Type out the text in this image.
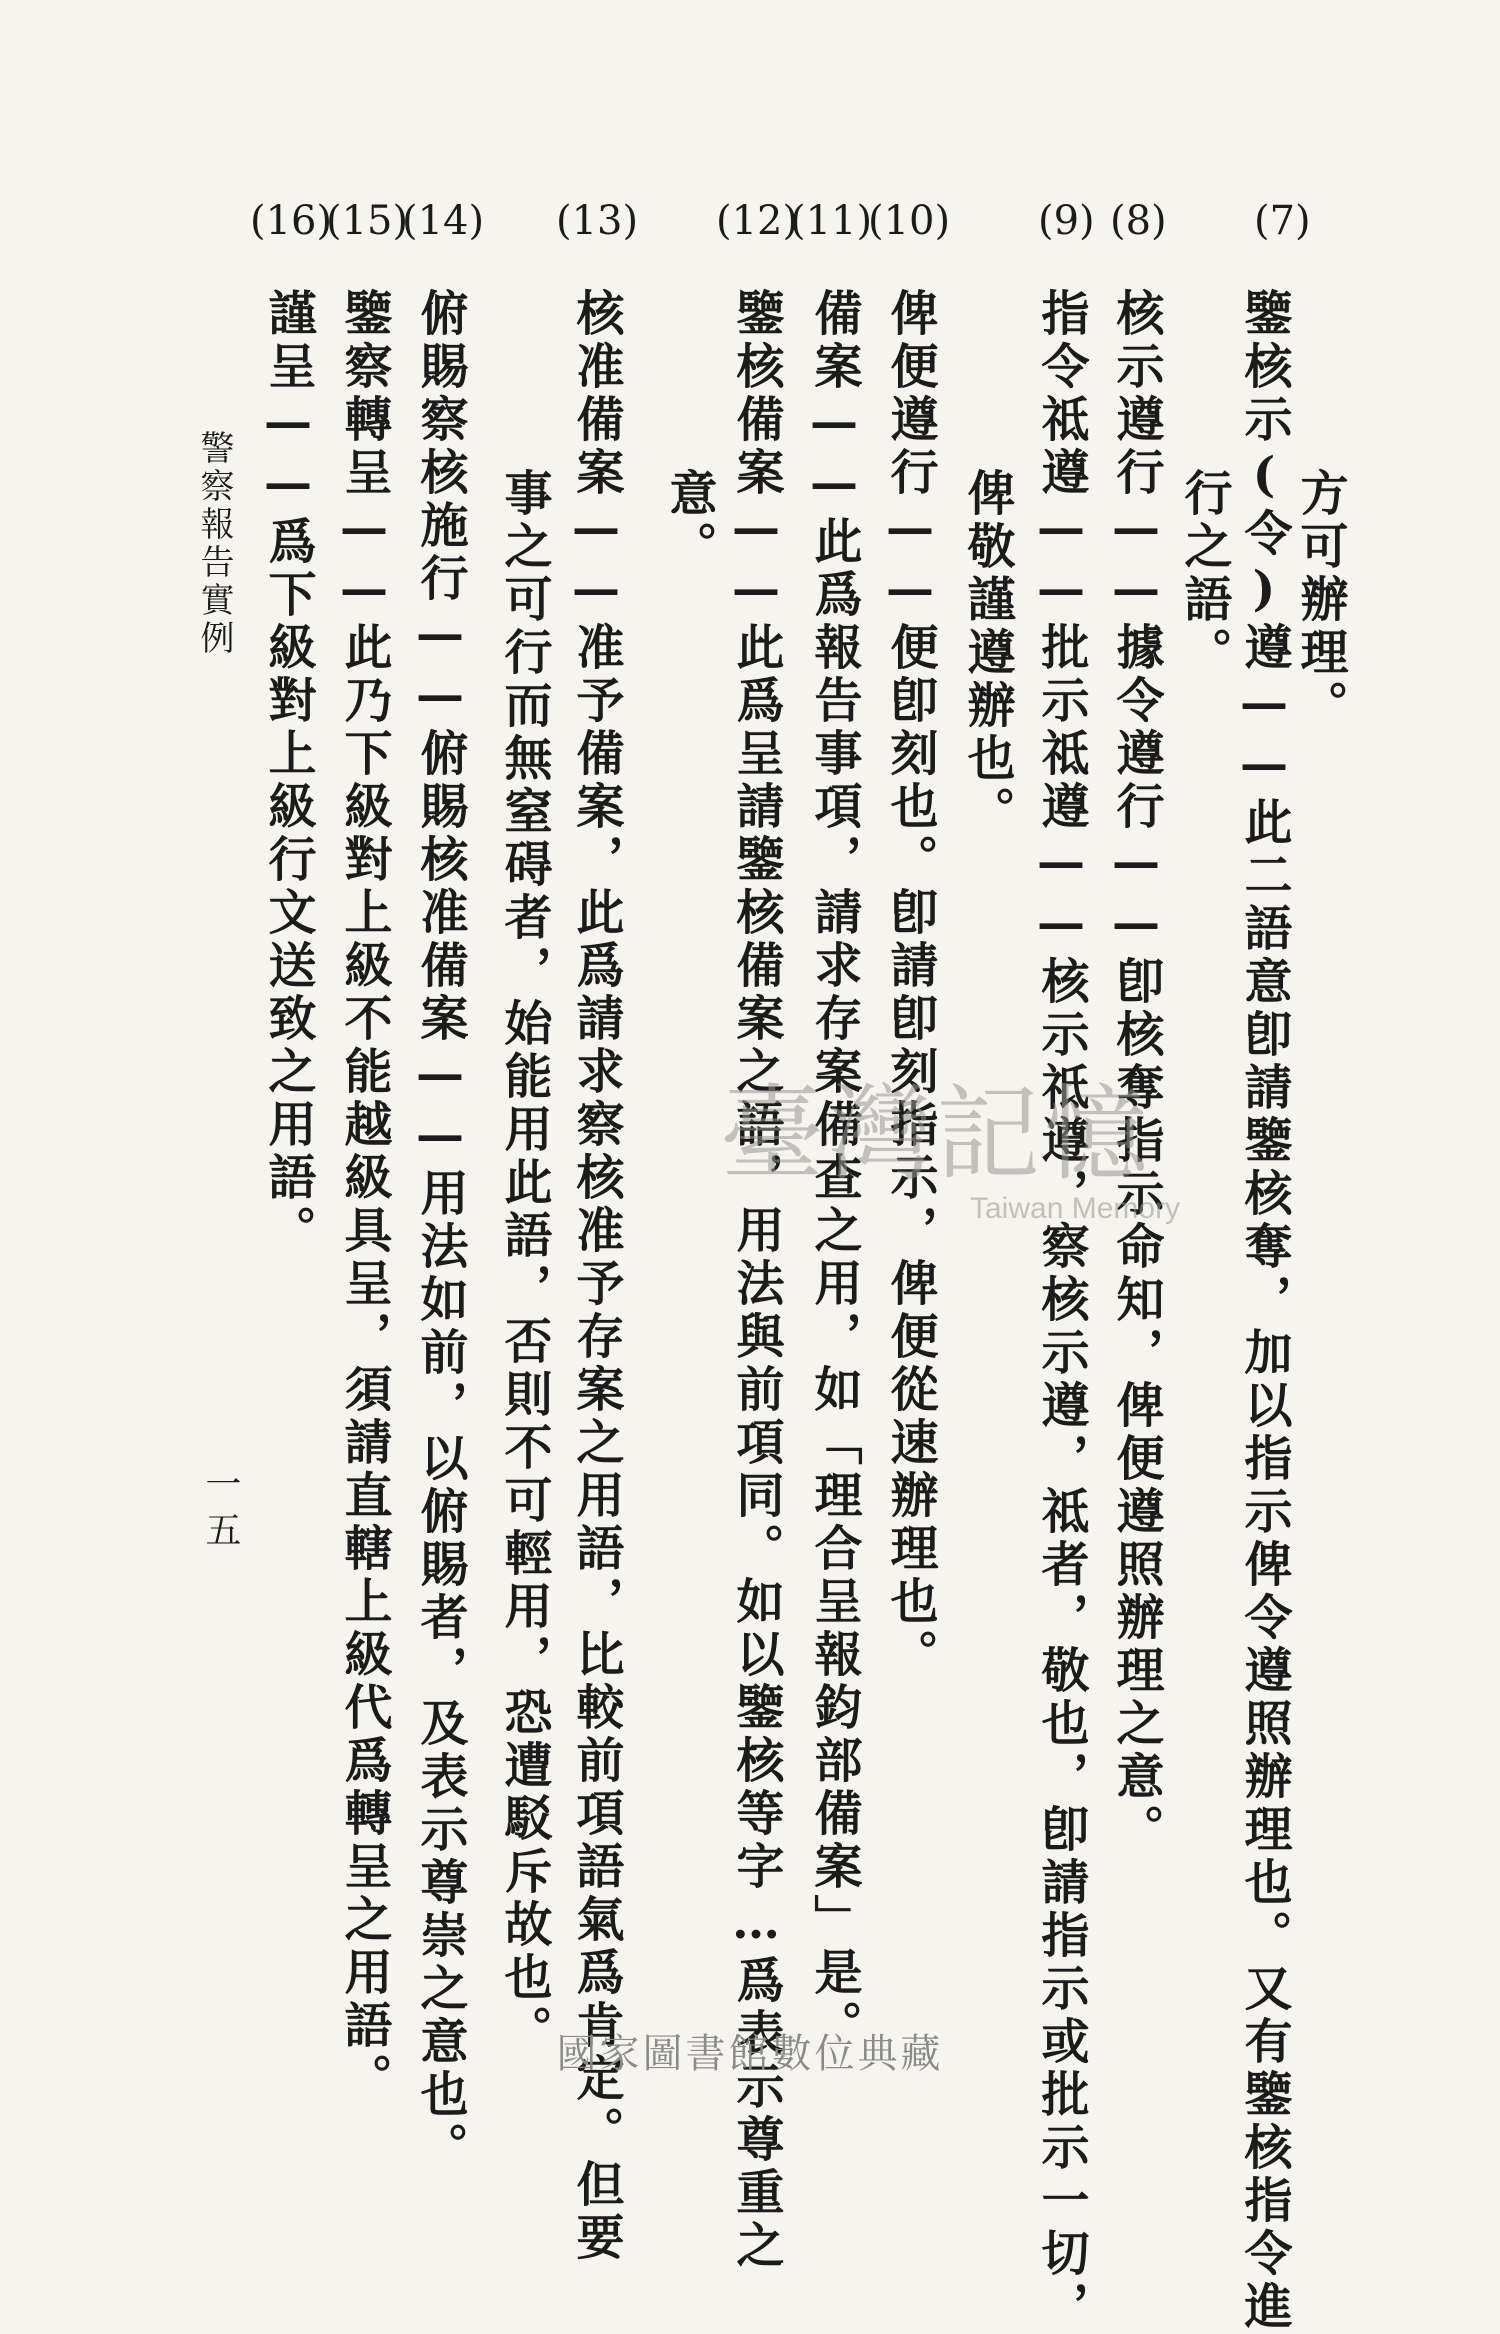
(7)
方可辦理。
鑒核示(令)遵——此二語意卽請鑒核奪，加以指示俾令遵照辦理也。又有鑒核指令進
行之語。
(8)
核示遵行——據令遵行——卽核奪指示命知，俾便遵照辦理之意。
(9)
指令祗遵——批示祗遵——核示祗遵，察核示遵，祗者，敬也，卽請指示或批示一切，
俾敬謹遵辦也。
(10)
俾便遵行——便卽刻也。卽請卽刻指示，俾便從速辦理也。
(11)
備案——此爲報告事項，請求存案備查之用，如「理合呈報鈞部備案」是。
(12)
鑒核備案——此爲呈請鑒核備案之語，用法與前項同。如以鑒核等字…爲表示尊重之
意。
(13)
核准備案——准予備案，此爲請求察核准予存案之用語，比較前項語氣爲肯定。但要
事之可行而無窒碍者，始能用此語，否則不可輕用，恐遭駁斥故也。
(14)
俯賜察核施行——俯賜核准備案——用法如前，以俯賜者，及表示尊崇之意也。
(15)
鑒察轉呈——此乃下級對上級不能越級具呈，須請直轄上級代爲轉呈之用語。
(16)
謹呈——爲下級對上級行文送致之用語。
警察報告實例
一五
臺灣記憶
Taiwan Memory
國家圖書館數位典藏
